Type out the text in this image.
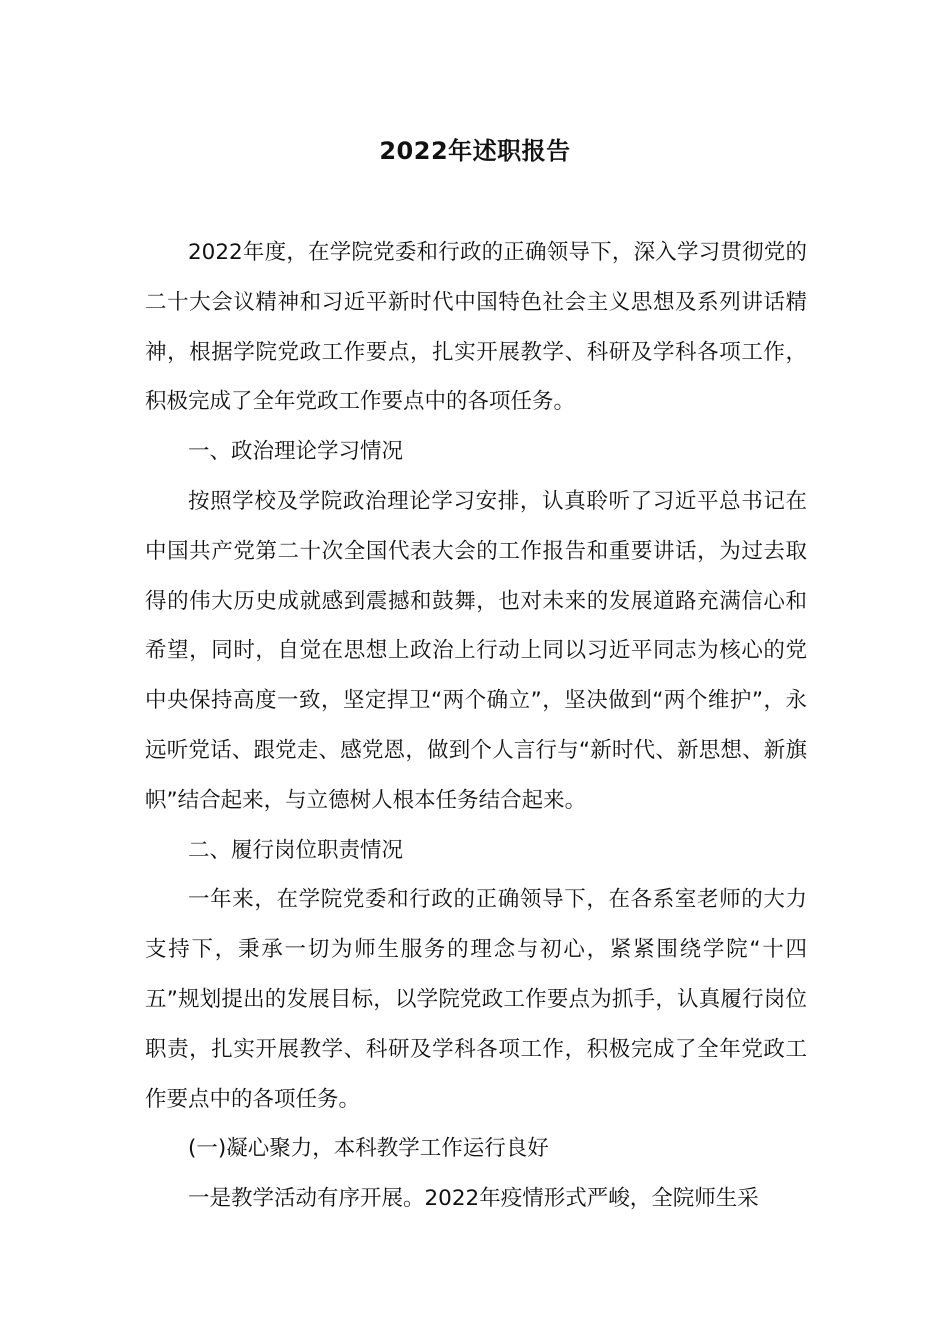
2022年述职报告

2022年度，在学院党委和行政的正确领导下，深入学习贯彻党的二十大会议精神和习近平新时代中国特色社会主义思想及系列讲话精神，根据学院党政工作要点，扎实开展教学、科研及学科各项工作，积极完成了全年党政工作要点中的各项任务。

一、政治理论学习情况

按照学校及学院政治理论学习安排，认真聆听了习近平总书记在中国共产党第二十次全国代表大会的工作报告和重要讲话，为过去取得的伟大历史成就感到震撼和鼓舞，也对未来的发展道路充满信心和希望，同时，自觉在思想上政治上行动上同以习近平同志为核心的党中央保持高度一致，坚定捍卫“两个确立”，坚决做到“两个维护”，永远听党话、跟党走、感党恩，做到个人言行与“新时代、新思想、新旗帜”结合起来，与立德树人根本任务结合起来。

二、履行岗位职责情况

一年来，在学院党委和行政的正确领导下，在各系室老师的大力支持下，秉承一切为师生服务的理念与初心，紧紧围绕学院“十四五”规划提出的发展目标，以学院党政工作要点为抓手，认真履行岗位职责，扎实开展教学、科研及学科各项工作，积极完成了全年党政工作要点中的各项任务。

(一)凝心聚力，本科教学工作运行良好

一是教学活动有序开展。2022年疫情形式严峻，全院师生采
